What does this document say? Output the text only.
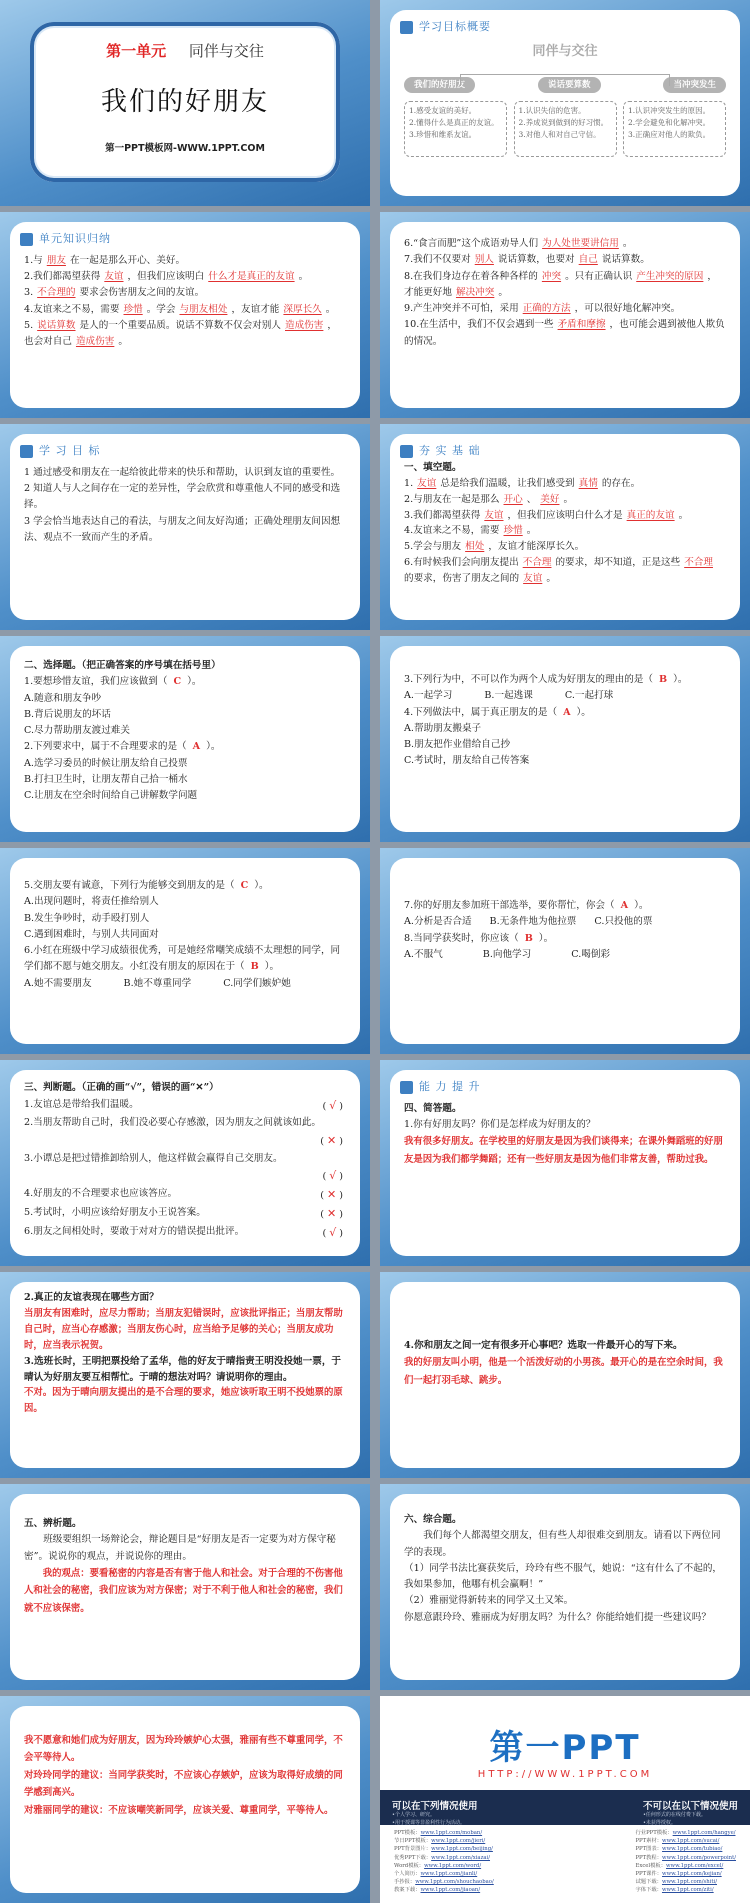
第一单元 同伴与交往
我们的好朋友
第一PPT模板网-WWW.1PPT.COM
学习目标概要
同伴与交往
我们的好朋友	说话要算数	当冲突发生
1.感受友谊的美好。
2.懂得什么是真正的友谊。
3.珍惜和维系友谊。
1.认识失信的危害。
2.养成说到做到的好习惯。
3.对他人和对自己守信。
1.认识冲突发生的原因。
2.学会避免和化解冲突。
3.正确应对他人的欺负。
单元知识归纳

1.与 朋友 在一起是那么开心、美好。

2.我们都渴望获得 友谊 ，但我们应该明白 什么才是真正的友谊 。

3. 不合理的 要求会伤害朋友之间的友谊。

4.友谊来之不易，需要 珍惜 。学会 与朋友相处 ，友谊才能 深厚长久 。

5. 说话算数 是人的一个重要品质。说话不算数不仅会对别人 造成伤害 ，也会对自己 造成伤害 。

6.“食言而肥”这个成语劝导人们 为人处世要讲信用 。

7.我们不仅要对 别人 说话算数，也要对 自己 说话算数。

8.在我们身边存在着各种各样的 冲突 。只有正确认识 产生冲突的原因 ，才能更好地 解决冲突 。

9.产生冲突并不可怕，采用 正确的方法 ，可以很好地化解冲突。

10.在生活中，我们不仅会遇到一些 矛盾和摩擦 ，也可能会遇到被他人欺负的情况。

学 习 目 标

1 通过感受和朋友在一起给彼此带来的快乐和帮助，认识到友谊的重要性。

2 知道人与人之间存在一定的差异性，学会欣赏和尊重他人不同的感受和选择。

3 学会恰当地表达自己的看法，与朋友之间友好沟通；正确处理朋友间因想法、观点不一致而产生的矛盾。

夯 实 基 础

一、填空题。

1. 友谊 总是给我们温暖，让我们感受到 真情 的存在。

2.与朋友在一起是那么 开心 、 美好 。

3.我们都渴望获得 友谊 ，但我们应该明白什么才是 真正的友谊 。

4.友谊来之不易，需要 珍惜 。

5.学会与朋友 相处 ，友谊才能深厚长久。

6.有时候我们会向朋友提出 不合理 的要求，却不知道，正是这些 不合理的要求，伤害了朋友之间的 友谊 。

二、选择题。（把正确答案的序号填在括号里）

1.要想珍惜友谊，我们应该做到（ C ）。

A.随意和朋友争吵

B.背后说朋友的坏话

C.尽力帮助朋友渡过难关

2.下列要求中，属于不合理要求的是（ A ）。

A.选学习委员的时候让朋友给自己投票

B.打扫卫生时，让朋友帮自己拾一桶水

C.让朋友在空余时间给自己讲解数学问题

3.下列行为中，不可以作为两个人成为好朋友的理由的是（ B ）。

A.一起学习	B.一起逃课	C.一起打球

4.下列做法中，属于真正朋友的是（ A ）。

A.帮助朋友搬桌子

B.朋友把作业借给自己抄

C.考试时，朋友给自己传答案

5.交朋友要有诚意，下列行为能够交到朋友的是（ C ）。

A.出现问题时，将责任推给别人

B.发生争吵时，动手殴打别人

C.遇到困难时，与别人共同面对

6.小红在班级中学习成绩很优秀，可是她经常嘲笑成绩不太理想的同学，同学们都不愿与她交朋友。小红没有朋友的原因在于（ B ）。

A.她不需要朋友	B.她不尊重同学	C.同学们嫉妒她

7.你的好朋友参加班干部选举，要你帮忙，你会（ A ）。

A.分析是否合适 B.无条件地为他拉票 C.只投他的票

8.当同学获奖时，你应该（ B ）。

A.不服气	B.向他学习	C.喝倒彩

三、判断题。（正确的画“√”，错误的画“✕”）

1.友谊总是带给我们温暖。	(√)

2.当朋友帮助自己时，我们没必要心存感激，因为朋友之间就该如此。

(✕)

3.小谭总是把过错推卸给别人，他这样做会赢得自己交朋友。

(√)

4.好朋友的不合理要求也应该答应。	(✕)

5.考试时，小明应该给好朋友小王说答案。	(✕)

6.朋友之间相处时，要敢于对对方的错误提出批评。	(√)

能 力 提 升

四、简答题。

1.你有好朋友吗？你们是怎样成为好朋友的？

我有很多好朋友。在学校里的好朋友是因为我们谈得来；在课外舞蹈班的好朋友是因为我们都学舞蹈；还有一些好朋友是因为他们非常友善，帮助过我。

2.真正的友谊表现在哪些方面？

当朋友有困难时，应尽力帮助；当朋友犯错误时，应该批评指正；当朋友帮助自己时，应当心存感激；当朋友伤心时，应当给予足够的关心；当朋友成功时，应当表示祝贺。

3.选班长时，王明把票投给了孟华，他的好友于晴指责王明没投她一票，于晴认为好朋友要互相帮忙。于晴的想法对吗？请说明你的理由。

不对。因为于晴向朋友提出的是不合理的要求，她应该听取王明不投她票的原因。

4.你和朋友之间一定有很多开心事吧？选取一件最开心的写下来。

我的好朋友叫小明，他是一个活泼好动的小男孩。最开心的是在空余时间，我们一起打羽毛球、跳步。

五、辨析题。

班级要组织一场辩论会，辩论题目是“好朋友是否一定要为对方保守秘密”。说说你的观点，并说说你的理由。

我的观点：要看秘密的内容是否有害于他人和社会。对于合理的不伤害他人和社会的秘密，我们应该为对方保密；对于不利于他人和社会的秘密，我们就不应该保密。

六、综合题。

我们每个人都渴望交朋友，但有些人却很难交到朋友。请看以下两位同学的表现。

（1）同学书法比赛获奖后，玲玲有些不服气，她说：“这有什么了不起的，我如果参加，他哪有机会赢啊！”

（2）雅丽觉得新转来的同学又土又笨。

你愿意跟玲玲、雅丽成为好朋友吗？为什么？你能给她们提一些建议吗？

我不愿意和她们成为好朋友，因为玲玲嫉妒心太强，雅丽有些不尊重同学，不会平等待人。

对玲玲同学的建议：当同学获奖时，不应该心存嫉妒，应该为取得好成绩的同学感到高兴。

对雅丽同学的建议：不应该嘲笑新同学，应该关爱、尊重同学，平等待人。

第一PPT
HTTP://WWW.1PPT.COM
可以在下列情况使用
•个人学习、研究。
•用于授课等非盈利性行为活动。
不可以在以下情况使用
•任何形式的在线付费下载。
•未获得授权。
PPT模板：www.1ppt.com/moban/
节日PPT模板：www.1ppt.com/jieri/
PPT背景图片：www.1ppt.com/beijing/
优秀PPT下载：www.1ppt.com/xiazai/
Word模板：www.1ppt.com/word/
个人简历：www.1ppt.com/jianli/
手抄报：www.1ppt.com/shouchaobao/
教案下载：www.1ppt.com/jiaoan/
行业PPT模板：www.1ppt.com/hangye/
PPT素材：www.1ppt.com/sucai/
PPT图表：www.1ppt.com/tubiao/
PPT教程：www.1ppt.com/powerpoint/
Excel模板：www.1ppt.com/excel/
PPT课件：www.1ppt.com/kejian/
试题下载：www.1ppt.com/shiti/
字体下载：www.1ppt.com/ziti/
